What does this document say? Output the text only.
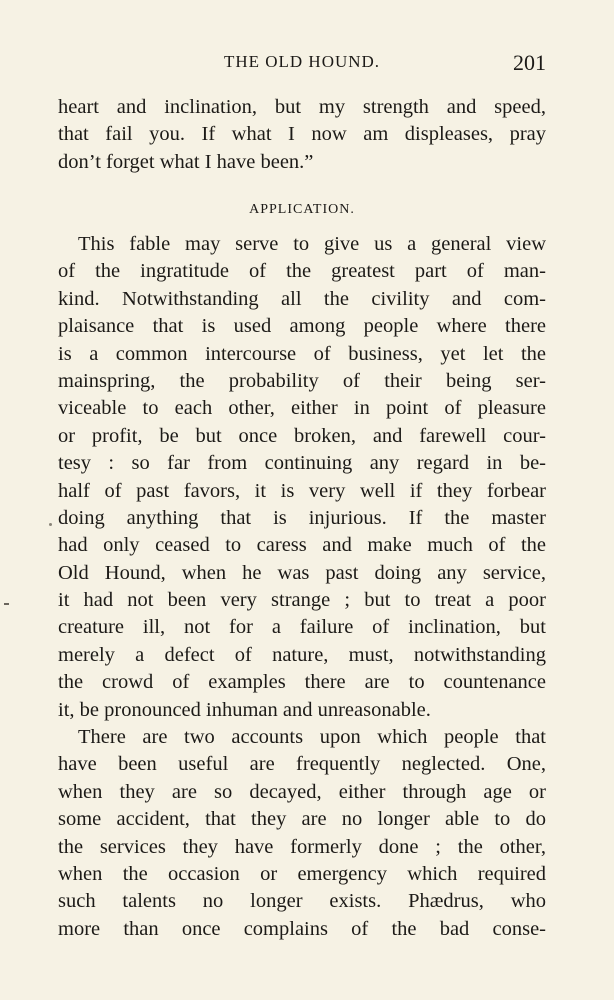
THE OLD HOUND.	201
heart and inclination, but my strength and speed,
that fail you. If what I now am displeases, pray
don’t forget what I have been.”
APPLICATION.
This fable may serve to give us a general view
of the ingratitude of the greatest part of man-
kind. Notwithstanding all the civility and com-
plaisance that is used among people where there
is a common intercourse of business, yet let the
mainspring, the probability of their being ser-
viceable to each other, either in point of pleasure
or profit, be but once broken, and farewell cour-
tesy : so far from continuing any regard in be-
half of past favors, it is very well if they forbear
doing anything that is injurious. If the master
had only ceased to caress and make much of the
Old Hound, when he was past doing any service,
it had not been very strange ; but to treat a poor
creature ill, not for a failure of inclination, but
merely a defect of nature, must, notwithstanding
the crowd of examples there are to countenance
it, be pronounced inhuman and unreasonable.
There are two accounts upon which people that
have been useful are frequently neglected. One,
when they are so decayed, either through age or
some accident, that they are no longer able to do
the services they have formerly done ; the other,
when the occasion or emergency which required
such talents no longer exists. Phædrus, who
more than once complains of the bad conse-
